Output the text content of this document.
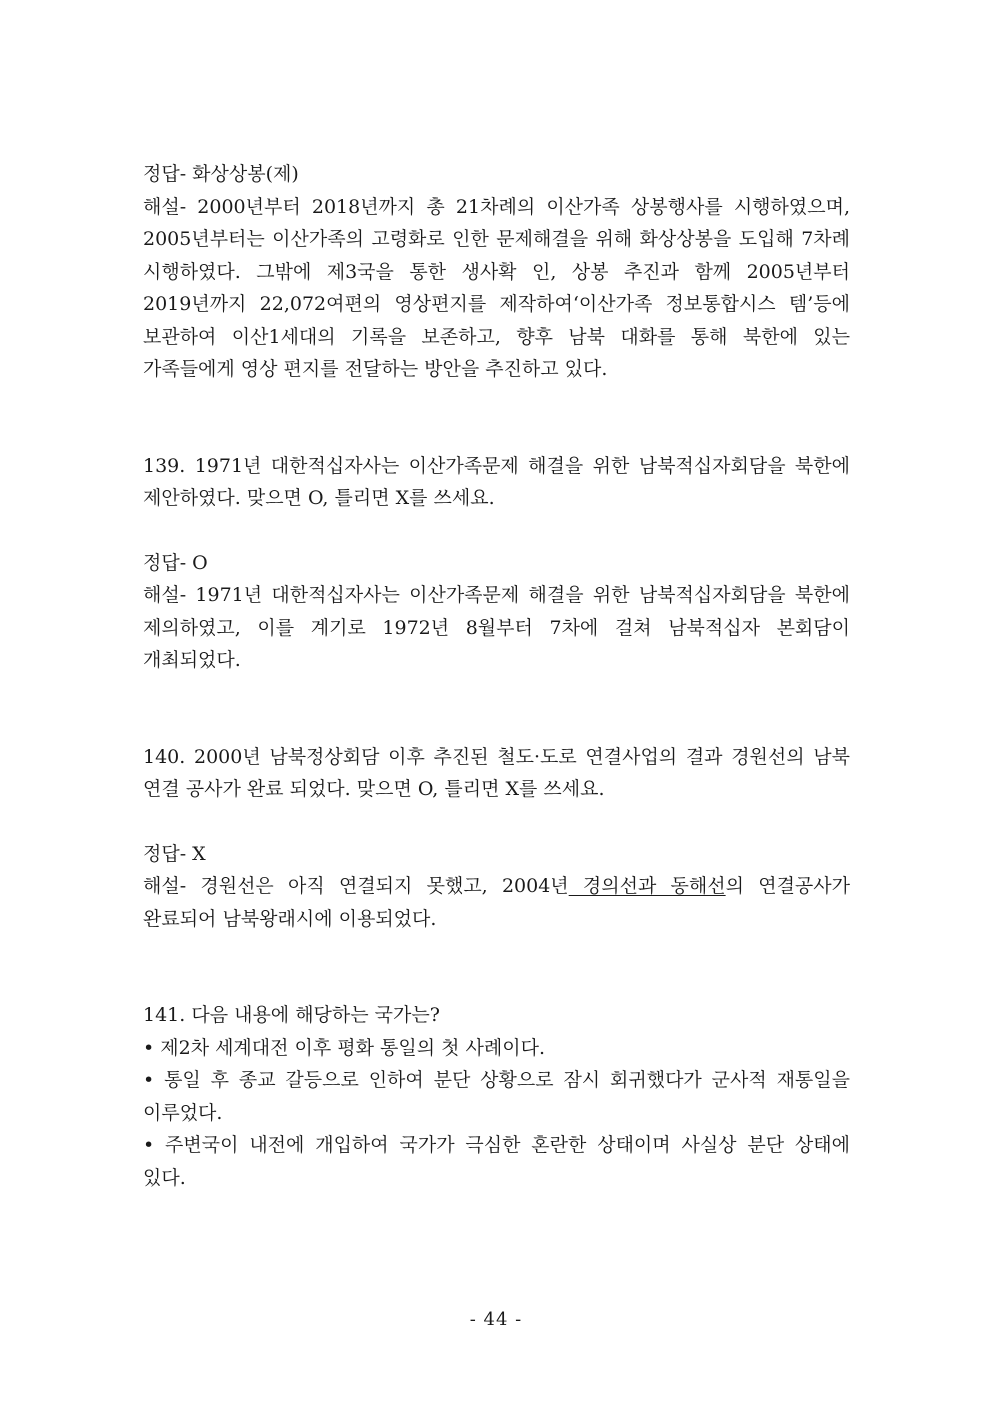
정답- 화상상봉(제)

해설- 2000년부터 2018년까지 총 21차례의 이산가족 상봉행사를 시행하였으며, 2005년부터는 이산가족의 고령화로 인한 문제해결을 위해 화상상봉을 도입해 7차례 시행하였다. 그밖에 제3국을 통한 생사확 인, 상봉 추진과 함께 2005년부터 2019년까지 22,072여편의 영상편지를 제작하여‘이산가족 정보통합시스 템’등에 보관하여 이산1세대의 기록을 보존하고, 향후 남북 대화를 통해 북한에 있는 가족들에게 영상 편지를 전달하는 방안을 추진하고 있다.

139. 1971년 대한적십자사는 이산가족문제 해결을 위한 남북적십자회담을 북한에 제안하였다. 맞으면 O, 틀리면 X를 쓰세요.

정답- O

해설- 1971년 대한적십자사는 이산가족문제 해결을 위한 남북적십자회담을 북한에 제의하였고, 이를 계기로 1972년 8월부터 7차에 걸쳐 남북적십자 본회담이 개최되었다.

140. 2000년 남북정상회담 이후 추진된 철도·도로 연결사업의 결과 경원선의 남북 연결 공사가 완료 되었다. 맞으면 O, 틀리면 X를 쓰세요.

정답- X

해설- 경원선은 아직 연결되지 못했고, 2004년 경의선과 동해선의 연결공사가 완료되어 남북왕래시에 이용되었다.

141. 다음 내용에 해당하는 국가는?

• 제2차 세계대전 이후 평화 통일의 첫 사례이다.

• 통일 후 종교 갈등으로 인하여 분단 상황으로 잠시 회귀했다가 군사적 재통일을 이루었다.

• 주변국이 내전에 개입하여 국가가 극심한 혼란한 상태이며 사실상 분단 상태에 있다.

- 44 -
